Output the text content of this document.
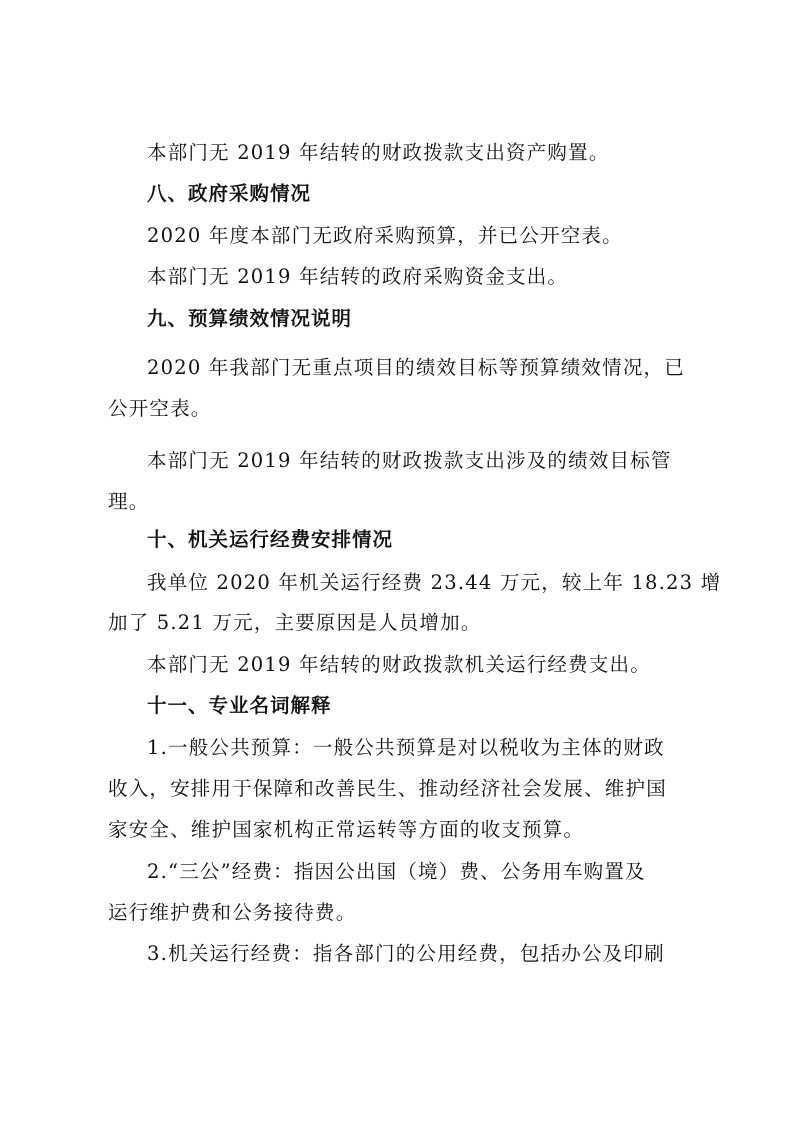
本部门无 2019 年结转的财政拨款支出资产购置。
八、政府采购情况
2020 年度本部门无政府采购预算，并已公开空表。
本部门无 2019 年结转的政府采购资金支出。
九、预算绩效情况说明
2020 年我部门无重点项目的绩效目标等预算绩效情况，已
公开空表。
本部门无 2019 年结转的财政拨款支出涉及的绩效目标管
理。
十、机关运行经费安排情况
我单位 2020 年机关运行经费 23.44 万元，较上年 18.23 增
加了 5.21 万元，主要原因是人员增加。
本部门无 2019 年结转的财政拨款机关运行经费支出。
十一、专业名词解释
1.一般公共预算：一般公共预算是对以税收为主体的财政
收入，安排用于保障和改善民生、推动经济社会发展、维护国
家安全、维护国家机构正常运转等方面的收支预算。
2.“三公”经费：指因公出国（境）费、公务用车购置及
运行维护费和公务接待费。
3.机关运行经费：指各部门的公用经费，包括办公及印刷
